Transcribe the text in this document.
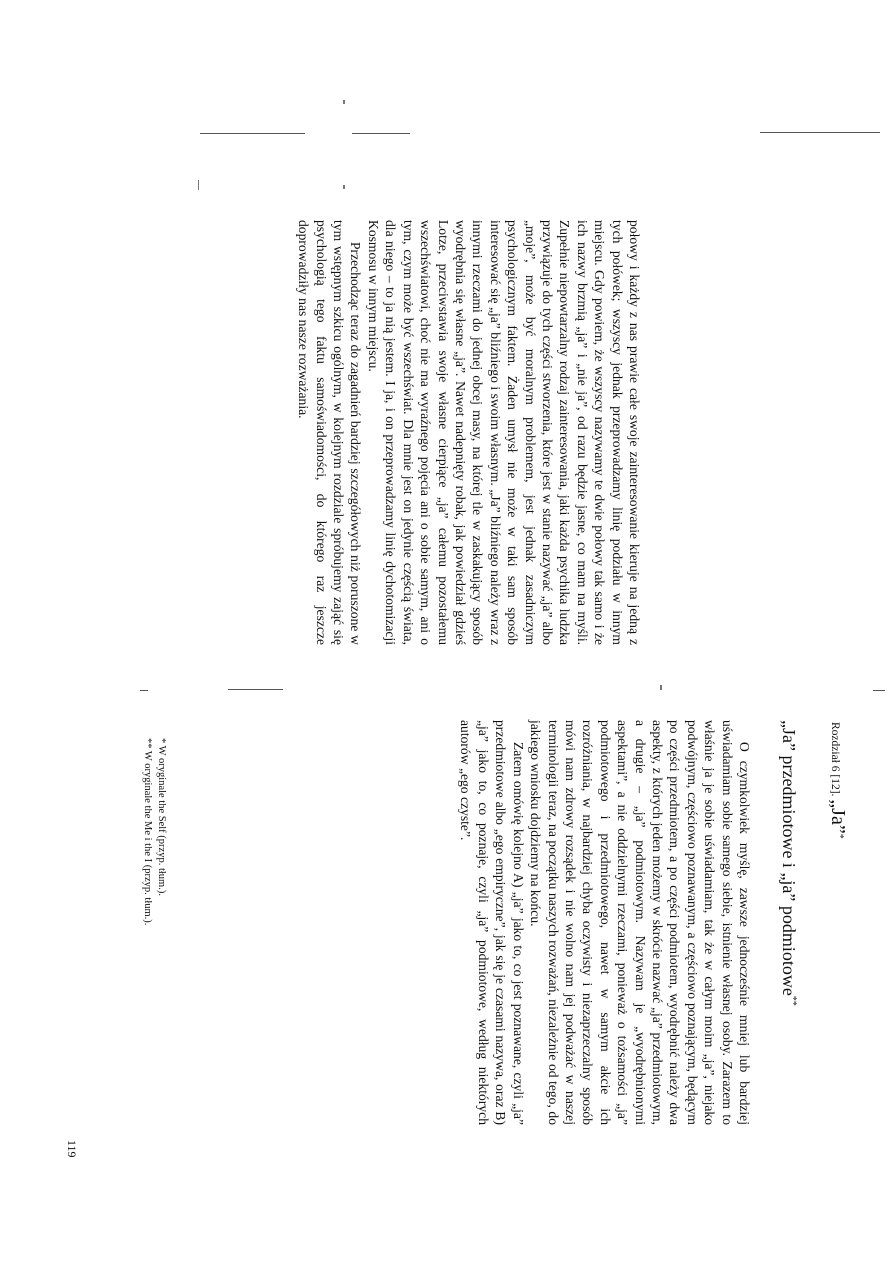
Rozdział 6 [12]. „Ja”*
„Ja” przedmiotowe i „ja” podmiotowe**

O czymkolwiek myślę, zawsze jednocześnie mniej lub bardziej uświadamiam sobie samego siebie, istnienie własnej osoby. Zarazem to właśnie ja je sobie uświadamiam, tak że w całym moim „ja”, niejako podwójnym, częściowo poznawanym, a częściowo poznającym, będącym po części przedmiotem, a po części podmiotem, wyodrębnić należy dwa aspekty, z których jeden możemy w skrócie nazwać „ja” przedmiotowym, a drugie – „ja” podmiotowym. Nazywam je „wyodrębnionymi aspektami”, a nie oddzielnymi rzeczami, ponieważ o tożsamości „ja” podmiotowego i przedmiotowego, nawet w samym akcie ich rozróżniania, w najbardziej chyba oczywisty i niezaprzeczalny sposób mówi nam zdrowy rozsądek i nie wolno nam jej podważać w naszej terminologii teraz, na początku naszych rozważań, niezależnie od tego, do jakiego wniosku dojdziemy na końcu.

Zatem omówię kolejno A) „ja” jako to, co jest poznawane, czyli „ja” przedmiotowe albo „ego empiryczne”, jak się je czasami nazywa, oraz B) „ja” jako to, co poznaje, czyli „ja” podmiotowe, według niektórych autorów „ego czyste”.

* W oryginale the Self (przyp. tłum.).
** W oryginale the Me i the I (przyp. tłum.).
119

połowy i każdy z nas prawie całe swoje zainteresowanie kieruje na jedną z tych połówek; wszyscy jednak przeprowadzamy linię podziału w innym miejscu. Gdy powiem, że wszyscy nazywamy te dwie połowy tak samo i że ich nazwy brzmią „ja” i „nie ja”, od razu będzie jasne, co mam na myśli. Zupełnie niepowtarzalny rodzaj zainteresowania, jaki każda psychika ludzka przywiązuje do tych części stworzenia, które jest w stanie nazywać „ja” albo „moje”, może być moralnym problemem, jest jednak zasadniczym psychologicznym faktem. Żaden umysł nie może w taki sam sposób interesować się „ja” bliźniego i swoim własnym. „Ja” bliźniego należy wraz z innymi rzeczami do jednej obcej masy, na której tle w zaskakujący sposób wyodrębnia się własne „ja”. Nawet nadepnięty robak, jak powiedział gdzieś Lotze, przeciwstawia swoje własne cierpiące „ja” całemu pozostałemu wszechświatowi, choć nie ma wyraźnego pojęcia ani o sobie samym, ani o tym, czym może być wszechświat. Dla mnie jest on jedynie częścią świata, dla niego – to ja nią jestem. I ja, i on przeprowadzamy linię dychotomizacji Kosmosu w innym miejscu.

Przechodząc teraz do zagadnień bardziej szczegółowych niż poruszone w tym wstępnym szkicu ogólnym, w kolejnym rozdziale spróbujemy zająć się psychologią tego faktu samoświadomości, do którego raz jeszcze doprowadziły nas nasze rozważania.
